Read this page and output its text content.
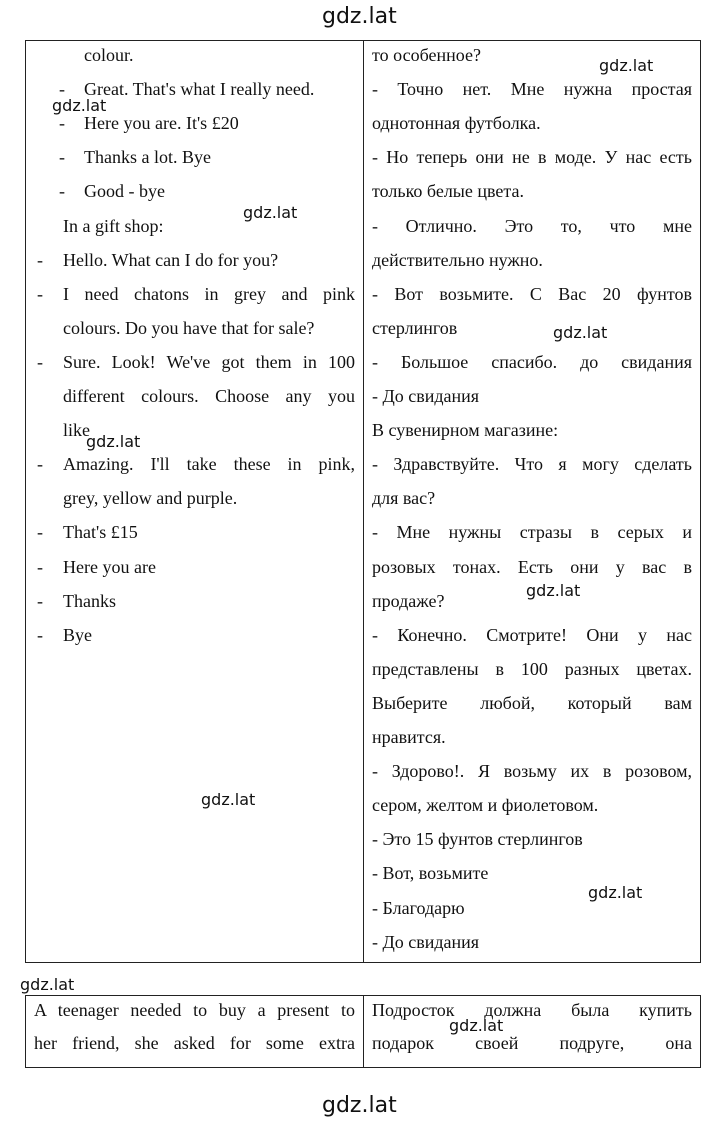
gdz.lat
colour.
- Great. That's what I really need.
- Here you are. It's £20
- Thanks a lot. Bye
- Good - bye
In a gift shop:
- Hello. What can I do for you?
- I need chatons in grey and pink
colours. Do you have that for sale?
- Sure. Look! We've got them in 100
different colours. Choose any you
like
- Amazing. I'll take these in pink,
grey, yellow and purple.
- That's £15
- Here you are
- Thanks
- Bye
то особенное?
- Точно нет. Мне нужна простая
однотонная футболка.
- Но теперь они не в моде. У нас есть
только белые цвета.
- Отлично. Это то, что мне
действительно нужно.
- Вот возьмите. С Вас 20 фунтов
стерлингов
- Большое спасибо. до свидания
- До свидания
В сувенирном магазине:
- Здравствуйте. Что я могу сделать
для вас?
- Мне нужны стразы в серых и
розовых тонах. Есть они у вас в
продаже?
- Конечно. Смотрите! Они у нас
представлены в 100 разных цветах.
Выберите любой, который вам
нравится.
- Здорово!. Я возьму их в розовом,
сером, желтом и фиолетовом.
- Это 15 фунтов стерлингов
- Вот, возьмите
- Благодарю
- До свидания
A teenager needed to buy a present to
her friend, she asked for some extra
Подросток должна была купить
подарок своей подруге, она
gdz.lat
gdz.lat
gdz.lat
gdz.lat
gdz.lat
gdz.lat
gdz.lat
gdz.lat
gdz.lat
gdz.lat
gdz.lat
